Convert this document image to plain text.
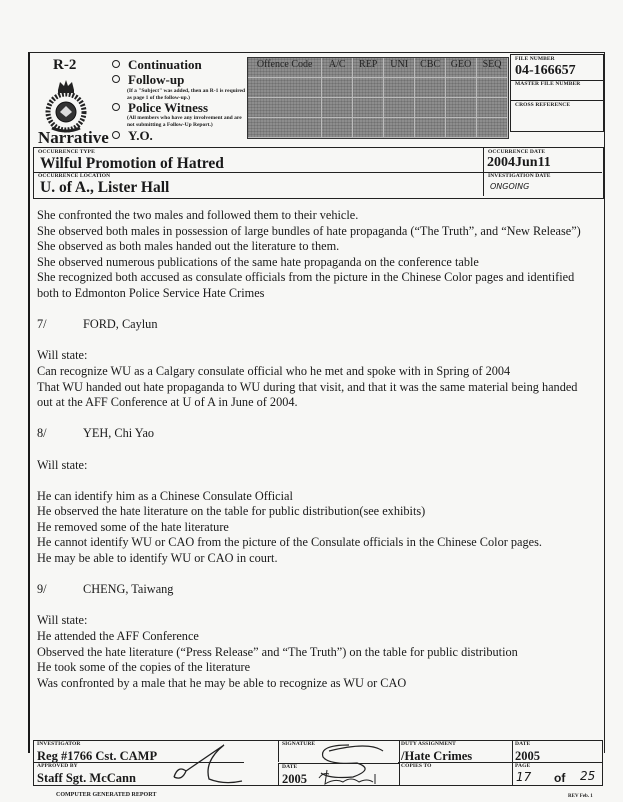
R-2
Narrative
Continuation
Follow-up
(If a "Subject" was added, then an R-1 is required as page 1 of the follow-up.)
Police Witness
(All members who have any involvement and are not submitting a Follow-Up Report.)
Y.O.
Offence Code	A/C	REP	UNI	CBC	GEO	SEQ	FILE NUMBER
04-166657
MASTER FILE NUMBER
CROSS REFERENCE
OCCURRENCE TYPE
Wilful Promotion of Hatred
OCCURRENCE LOCATION
U. of A., Lister Hall
OCCURRENCE DATE
2004Jun11
INVESTIGATION DATE
ONGOING

She confronted the two males and followed them to their vehicle.

She observed both males in possession of large bundles of hate propaganda (“The Truth”, and “New Release”)

She observed as both males handed out the literature to them.

She observed numerous publications of the same hate propaganda on the conference table

She recognized both accused as consulate officials from the picture in the Chinese Color pages and identified

both to Edmonton Police Service Hate Crimes

7/	FORD, Caylun

Will state:

Can recognize WU as a Calgary consulate official who he met and spoke with in Spring of 2004

That WU handed out hate propaganda to WU during that visit, and that it was the same material being handed

out at the AFF Conference at U of A in June of 2004.

8/	YEH, Chi Yao

Will state:

He can identify him as a Chinese Consulate Official

He observed the hate literature on the table for public distribution(see exhibits)

He removed some of the hate literature

He cannot identify WU or CAO from the picture of the Consulate officials in the Chinese Color pages.

He may be able to identify WU or CAO in court.

9/	CHENG, Taiwang

Will state:

He attended the AFF Conference

Observed the hate literature (“Press Release” and “The Truth”) on the table for public distribution

He took some of the copies of the literature

Was confronted by a male that he may be able to recognize as WU or CAO

INVESTIGATOR
Reg #1766 Cst. CAMP
APPROVED BY
Staff Sgt. McCann
SIGNATURE
DATE
2005
DUTY ASSIGNMENT
/Hate Crimes
COPIES TO
DATE
2005
PAGE
17 of 25
COMPUTER GENERATED REPORT	REV Feb. 1
